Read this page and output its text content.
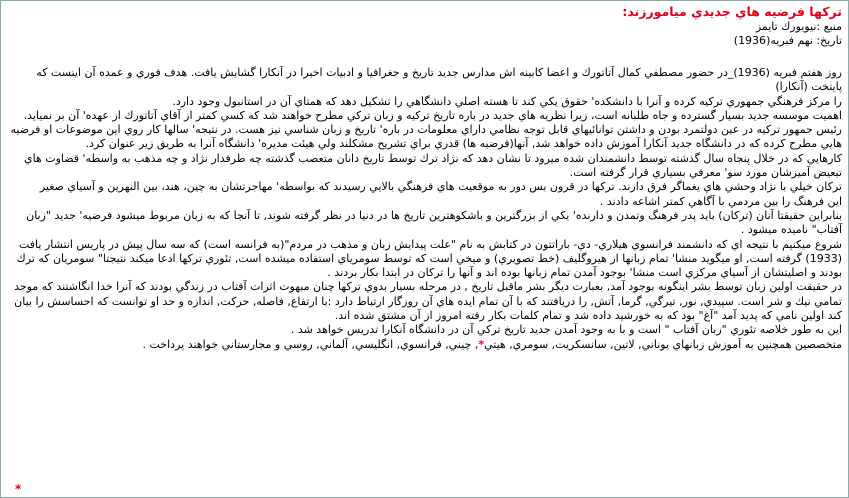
تركها فرضيه هاي جديدي ميامورزند:
منبع :نيويورك تايمز
تاريخ: نهم فبريه(1936)

روز هفتم فبريه (1936)_در حضور مصطفي كمال آتاتورك و اعضا كابينه اش مدارس جديد تاريخ و جغرافيا و ادبيات اخيرا در آنكارا گشايش يافت. هدف فوري و عمده آن اينست كه پايتخت (آنكارا)

را مركز فرهنگي جمهوري تركيه كرده و آنرا با دانشكده' حقوق يكي كند تا هسته اصلي دانشگاهي را تشكيل دهد كه همتاي آن در استانبول وجود دارد.

اهميت موسسه جديد بسيار گسترده و جاه طلبانه است، زيرا نظريه هاي جديد در باره تاريخ تركيه و زبان تركي مطرح خواهند شد كه كسي كمتر از آقاي آتاتورك از عهده' آن بر نميايد.

رئيس جمهور تركيه در عين دولتمرد بودن و داشتن توانائيهاي قابل توجه نظامي داراي معلومات در باره' تاريخ و زبان شناسي نيز هست. در نتيجه' سالها كار روي اين موضوعات او فرضيه هايي مطرح كرده كه در دانشگاه جديد آنكارا آموزش داده خواهد شد, آنها(فرضيه ها) قدري براي تشريح مشكلند ولي هيئت مديره' دانشگاه آنرا به طريق زير عنوان كرد.

كارهايي كه در خلال پنجاه سال گذشته توسط دانشمندان شده ميرود تا نشان دهد كه نژاد ترك توسط تاريخ دانان متعصب گذشته چه طرفدار نژاد و چه مذهب به واسطه' قضاوت هاي تبعيض آميزشان مورد سو' معرفي بسياري قرار گرفته است.

تركان خيلي با نژاد وحشي هاي يغماگر فرق دارند. تركها در قرون بس دور به موقعيت هاي فرهنگي بالايي رسيدند كه بواسطه' مهاجرتشان به چين، هند، بين النهرين و آسياي صغير

اين فرهنگ را بين مردمي با آگاهي كمتر اشاعه دادند .

بنابراين حقيقتا آنان (تركان) بايد پدر فرهنگ وتمدن و دارنده' يكي از بزرگترين و باشكوهترين تاريخ ها در دنيا در نظر گرفته شوند, تا آنجا كه به زبان مربوط ميشود فرضيه' جديد "زبان آفتاب" ناميده ميشود .

شروع ميكنيم با نتيجه اي كه دانشمند فرانسوي هيلاري- دي- باراتتون در كتابش به نام "علت پيدايش زبان و مذهب در مردم"(به فرانسه است) كه سه سال پيش در پاريس انتشار يافت (1933) گرفته است, او ميگويد منشا' تمام زبانها از هيروگليف (خط تصويري) و ميخي است كه توسط سومرياي استفاده ميشده است, تئوري تركها ادعا ميكند نتيجتا" سومريان كه ترك بودند و اصليتشان از آسياي مركزي است منشا' بوجود آمدن تمام زبانها بوده اند و آنها را تركان در ابتدا بكار بردند .

در حقيقت اولين زبان توسط بشر اينگونه بوجود آمد, بعبارت ديگر بشر ماقبل تاريخ , در مرحله بسيار بدوي تركها چنان مبهوت اثرات آفتاب در زندگي بودند كه آنرا خدا انگاشتند كه موجد تمامي نيك و شر است. سپيدي, نور, تيرگي, گرما, آتش, را دريافتند كه با آن تمام ايده هاي آن روزگار ارتباط دارد :با ارتفاع, فاصله, حركت, اندازه و حد او توانست كه احساسش را بيان كند اولين نامي كه پديد آمد "آغ" بود كه به خورشيد داده شد و تمام كلمات بكار رفته امروز از آن مشتق شده اند.

اين به طور خلاصه تئوري "زبان آفتاب " است و با به وجود آمدن جديد تاريخ تركي آن در دانشگاه آنكارا تدريس خواهد شد .

متخصصين همچنين به آموزش زبانهاي يوناني, لاتين, سانسكريت, سومري, هيتي*, چيني, فرانسوي, انگليسي, آلماني, روسي و مجارستاني خواهند پرداخت .

*
